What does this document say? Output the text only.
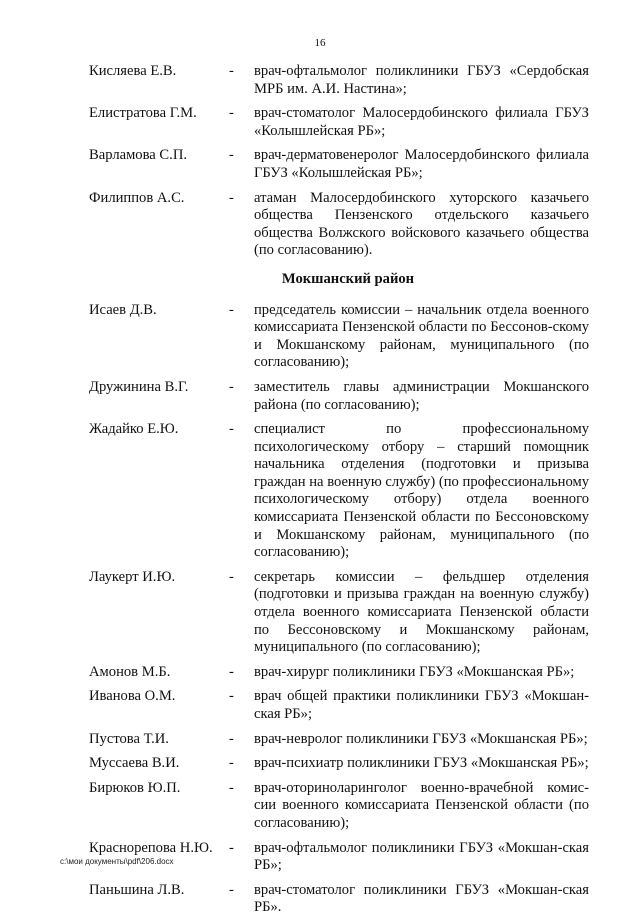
16
Кисляева Е.В.	-	врач-офтальмолог поликлиники ГБУЗ «Сердобская МРБ им. А.И. Настина»;
Елистратова Г.М.	-	врач-стоматолог Малосердобинского филиала ГБУЗ «Колышлейская РБ»;
Варламова С.П.	-	врач-дерматовенеролог Малосердобинского филиала ГБУЗ «Колышлейская РБ»;
Филиппов А.С.	-	атаман Малосердобинского хуторского казачьего общества Пензенского отдельского казачьего общества Волжского войскового казачьего общества (по согласованию).
Мокшанский район
Исаев Д.В.	-	председатель комиссии – начальник отдела военного комиссариата Пензенской области по Бессонов-скому и Мокшанскому районам, муниципального (по согласованию);
Дружинина В.Г.	-	заместитель главы администрации Мокшанского района (по согласованию);
Жадайко Е.Ю.	-	специалист по профессиональному психологическому отбору – старший помощник начальника отделения (подготовки и призыва граждан на военную службу) (по профессиональному психологическому отбору) отдела военного комиссариата Пензенской области по Бессоновскому и Мокшанскому районам, муниципального (по согласованию);
Лаукерт И.Ю.	-	секретарь комиссии – фельдшер отделения (подготовки и призыва граждан на военную службу) отдела военного комиссариата Пензенской области по Бессоновскому и Мокшанскому районам, муниципального (по согласованию);
Амонов М.Б.	-	врач-хирург поликлиники ГБУЗ «Мокшанская РБ»;
Иванова О.М.	-	врач общей практики поликлиники ГБУЗ «Мокшан-ская РБ»;
Пустова Т.И.	-	врач-невролог поликлиники ГБУЗ «Мокшанская РБ»;
Муссаева В.И.	-	врач-психиатр поликлиники ГБУЗ «Мокшанская РБ»;
Бирюков Ю.П.	-	врач-оториноларинголог военно-врачебной комис-сии военного комиссариата Пензенской области (по согласованию);
Краснорепова Н.Ю.	-	врач-офтальмолог поликлиники ГБУЗ «Мокшан-ская РБ»;
Паньшина Л.В.	-	врач-стоматолог поликлиники ГБУЗ «Мокшан-ская РБ».
c:\мои документы\pdf\206.docx
